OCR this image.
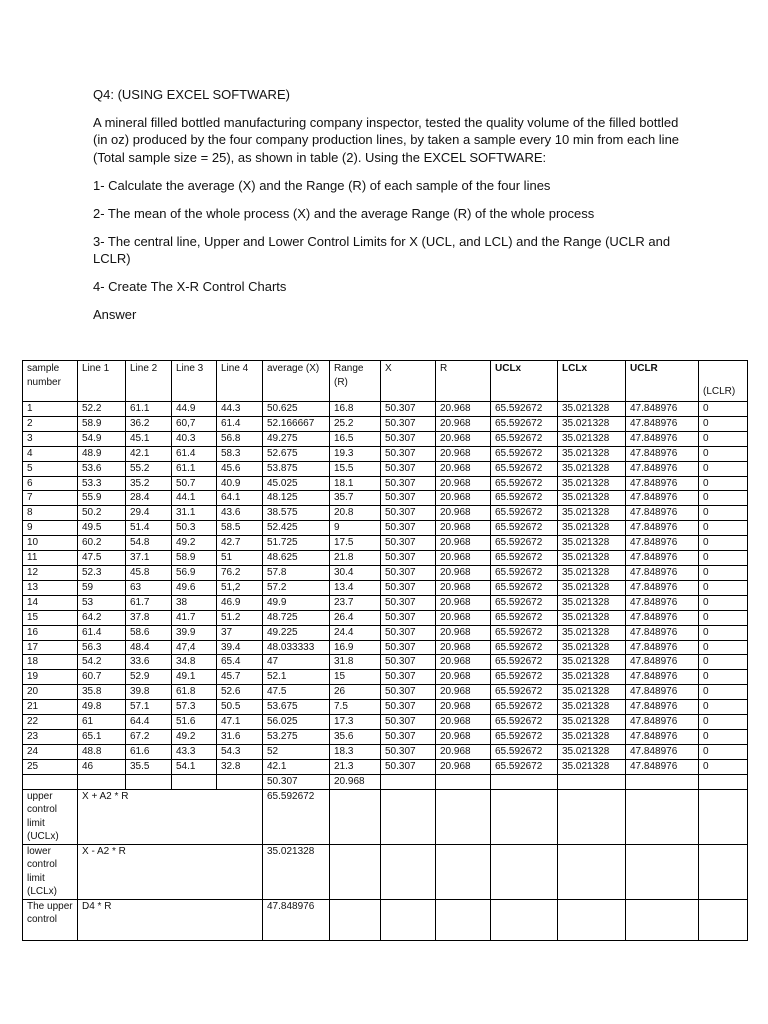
Q4: (USING EXCEL SOFTWARE)

A mineral filled bottled manufacturing company inspector, tested the quality volume of the filled bottled (in oz) produced by the four company production lines, by taken a sample every 10 min from each line (Total sample size = 25), as shown in table (2). Using the EXCEL SOFTWARE:

1- Calculate the average (X) and the Range (R) of each sample of the four lines

2- The mean of the whole process (X) and the average Range (R) of the whole process

3- The central line, Upper and Lower Control Limits for X (UCL, and LCL) and the Range (UCLR and LCLR)

4- Create The X-R Control Charts

Answer

sample number	Line 1	Line 2	Line 3	Line 4	average (X)	Range (R)	X	R	UCLx	LCLx	UCLR	(LCLR)
1	52.2	61.1	44.9	44.3	50.625	16.8	50.307	20.968	65.592672	35.021328	47.848976	0
2	58.9	36.2	60,7	61.4	52.166667	25.2	50.307	20.968	65.592672	35.021328	47.848976	0
3	54.9	45.1	40.3	56.8	49.275	16.5	50.307	20.968	65.592672	35.021328	47.848976	0
4	48.9	42.1	61.4	58.3	52.675	19.3	50.307	20.968	65.592672	35.021328	47.848976	0
5	53.6	55.2	61.1	45.6	53.875	15.5	50.307	20.968	65.592672	35.021328	47.848976	0
6	53.3	35.2	50.7	40.9	45.025	18.1	50.307	20.968	65.592672	35.021328	47.848976	0
7	55.9	28.4	44.1	64.1	48.125	35.7	50.307	20.968	65.592672	35.021328	47.848976	0
8	50.2	29.4	31.1	43.6	38.575	20.8	50.307	20.968	65.592672	35.021328	47.848976	0
9	49.5	51.4	50.3	58.5	52.425	9	50.307	20.968	65.592672	35.021328	47.848976	0
10	60.2	54.8	49.2	42.7	51.725	17.5	50.307	20.968	65.592672	35.021328	47.848976	0
11	47.5	37.1	58.9	51	48.625	21.8	50.307	20.968	65.592672	35.021328	47.848976	0
12	52.3	45.8	56.9	76.2	57.8	30.4	50.307	20.968	65.592672	35.021328	47.848976	0
13	59	63	49.6	51,2	57.2	13.4	50.307	20.968	65.592672	35.021328	47.848976	0
14	53	61.7	38	46.9	49.9	23.7	50.307	20.968	65.592672	35.021328	47.848976	0
15	64.2	37.8	41.7	51.2	48.725	26.4	50.307	20.968	65.592672	35.021328	47.848976	0
16	61.4	58.6	39.9	37	49.225	24.4	50.307	20.968	65.592672	35.021328	47.848976	0
17	56.3	48.4	47,4	39.4	48.033333	16.9	50.307	20.968	65.592672	35.021328	47.848976	0
18	54.2	33.6	34.8	65.4	47	31.8	50.307	20.968	65.592672	35.021328	47.848976	0
19	60.7	52.9	49.1	45.7	52.1	15	50.307	20.968	65.592672	35.021328	47.848976	0
20	35.8	39.8	61.8	52.6	47.5	26	50.307	20.968	65.592672	35.021328	47.848976	0
21	49.8	57.1	57.3	50.5	53.675	7.5	50.307	20.968	65.592672	35.021328	47.848976	0
22	61	64.4	51.6	47.1	56.025	17.3	50.307	20.968	65.592672	35.021328	47.848976	0
23	65.1	67.2	49.2	31.6	53.275	35.6	50.307	20.968	65.592672	35.021328	47.848976	0
24	48.8	61.6	43.3	54.3	52	18.3	50.307	20.968	65.592672	35.021328	47.848976	0
25	46	35.5	54.1	32.8	42.1	21.3	50.307	20.968	65.592672	35.021328	47.848976	0
					50.307	20.968						
upper control limit (UCLx)	X + A2 * R				65.592672							
lower control limit (LCLx)	X - A2 * R				35.021328							
The upper control	D4 * R				47.848976							
